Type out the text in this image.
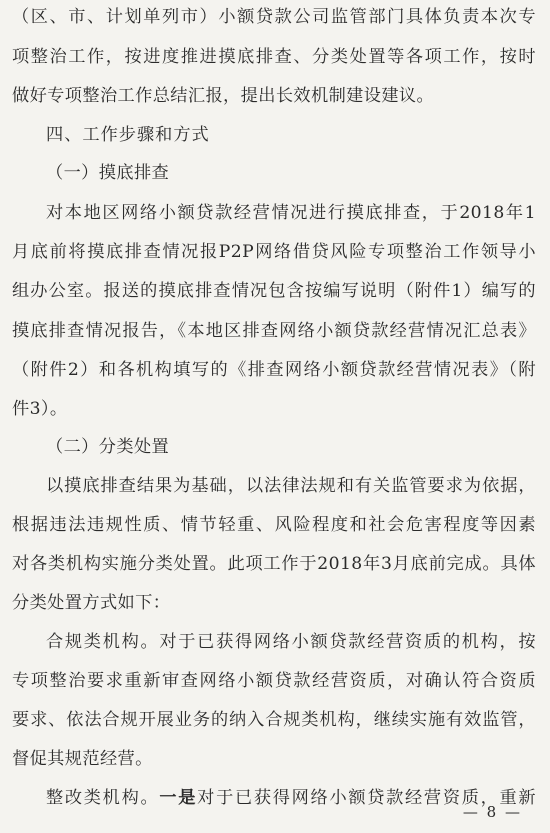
（区、市、计划单列市）小额贷款公司监管部门具体负责本次专
项整治工作，按进度推进摸底排查、分类处置等各项工作，按时
做好专项整治工作总结汇报，提出长效机制建设建议。
四、工作步骤和方式
（一）摸底排查
对本地区网络小额贷款经营情况进行摸底排查，于2018年1
月底前将摸底排查情况报P2P网络借贷风险专项整治工作领导小
组办公室。报送的摸底排查情况包含按编写说明（附件1）编写的
摸底排查情况报告，《本地区排查网络小额贷款经营情况汇总表》
（附件2）和各机构填写的《排查网络小额贷款经营情况表》（附
件3）。
（二）分类处置
以摸底排查结果为基础，以法律法规和有关监管要求为依据，
根据违法违规性质、情节轻重、风险程度和社会危害程度等因素
对各类机构实施分类处置。此项工作于2018年3月底前完成。具体
分类处置方式如下：
合规类机构。对于已获得网络小额贷款经营资质的机构，按
专项整治要求重新审查网络小额贷款经营资质，对确认符合资质
要求、依法合规开展业务的纳入合规类机构，继续实施有效监管，
督促其规范经营。
整改类机构。一是对于已获得网络小额贷款经营资质，重新
— 8 —
